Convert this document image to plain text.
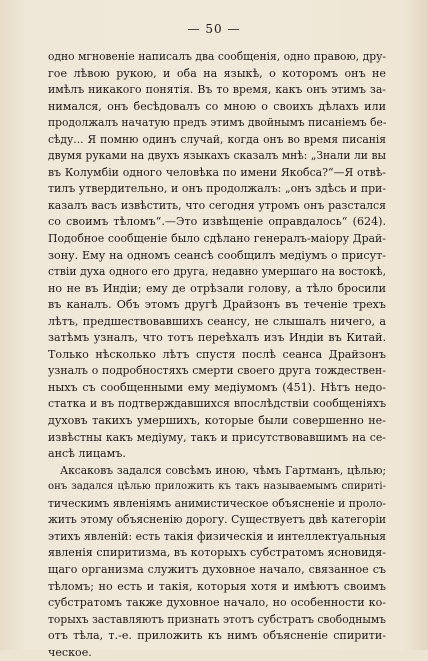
— 50 —
одно мгновеніе написалъ два сообщенія, одно правою, дру-
гое лѣвою рукою, и оба на языкѣ, о которомъ онъ не
имѣлъ никакого понятія. Въ то время, какъ онъ этимъ за-
нимался, онъ бесѣдовалъ со мною о своихъ дѣлахъ или
продолжалъ начатую предъ этимъ двойнымъ писаніемъ бе-
сѣду... Я помню одинъ случай, когда онъ во время писанія
двумя руками на двухъ языкахъ сказалъ мнѣ: „Знали ли вы
въ Колумбіи одного человѣка по имени Якобса?“—Я отвѣ-
тилъ утвердительно, и онъ продолжалъ: „онъ здѣсь и при-
казалъ васъ извѣстить, что сегодня утромъ онъ разстался
со своимъ тѣломъ“.—Это извѣщеніе оправдалось“ (624).
Подобное сообщеніе было сдѣлано генералъ-маіору Драй-
зону. Ему на одномъ сеансѣ сообщилъ медіумъ о присут-
ствіи духа одного его друга, недавно умершаго на востокѣ,
но не въ Индіи; ему де отрѣзали голову, а тѣло бросили
въ каналъ. Объ этомъ другѣ Драйзонъ въ теченіе трехъ
лѣтъ, предшествовавшихъ сеансу, не слышалъ ничего, а
затѣмъ узналъ, что тотъ переѣхалъ изъ Индіи въ Китай.
Только нѣсколько лѣтъ спустя послѣ сеанса Драйзонъ
узналъ о подробностяхъ смерти своего друга тождествен-
ныхъ съ сообщенными ему медіумомъ (451). Нѣтъ недо-
статка и въ подтверждавшихся впослѣдствіи сообщеніяхъ
духовъ такихъ умершихъ, которые были совершенно не-
извѣстны какъ медіуму, такъ и присутствовавшимъ на се-
ансѣ лицамъ.
Аксаковъ задался совсѣмъ иною, чѣмъ Гартманъ, цѣлью;
онъ задался цѣлью приложить къ такъ называемымъ спириті-
тическимъ явленіямъ анимистическое объясненіе и проло-
жить этому объясненію дорогу. Существуетъ двѣ категоріи
этихъ явленій: есть такія физическія и интеллектуальныя
явленія спиритизма, въ которыхъ субстратомъ ясновидя-
щаго организма служитъ духовное начало, связанное съ
тѣломъ; но есть и такія, которыя хотя и имѣютъ своимъ
субстратомъ также духовное начало, но особенности ко-
торыхъ заставляютъ признать этотъ субстратъ свободнымъ
отъ тѣла, т.-е. приложить къ нимъ объясненіе спирити-
ческое.
